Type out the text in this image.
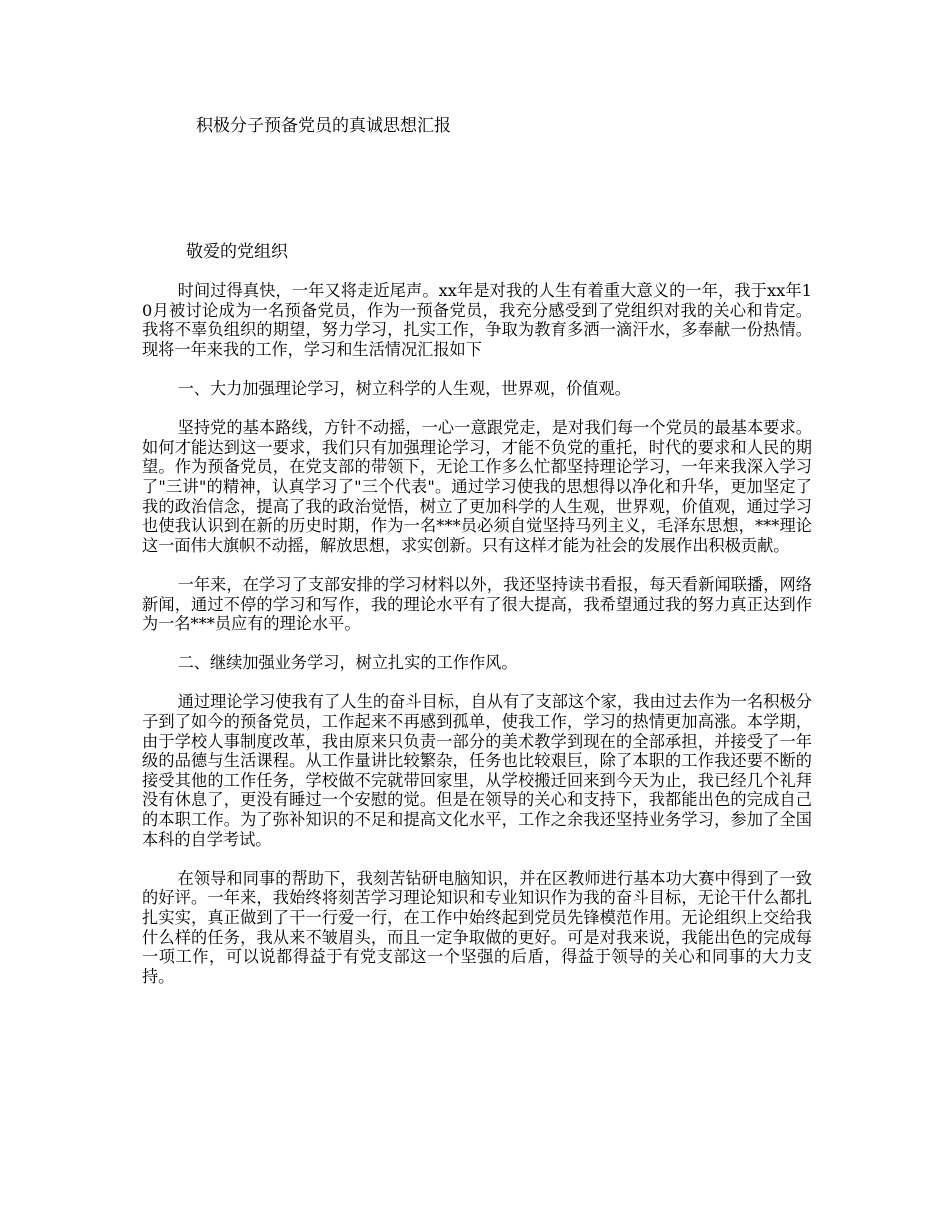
积极分子预备党员的真诚思想汇报
敬爱的党组织

时间过得真快，一年又将走近尾声。xx年是对我的人生有着重大意义的一年，我于xx年10月被讨论成为一名预备党员，作为一预备党员，我充分感受到了党组织对我的关心和肯定。我将不辜负组织的期望，努力学习，扎实工作，争取为教育多洒一滴汗水，多奉献一份热情。现将一年来我的工作，学习和生活情况汇报如下

一、大力加强理论学习，树立科学的人生观，世界观，价值观。

坚持党的基本路线，方针不动摇，一心一意跟党走，是对我们每一个党员的最基本要求。如何才能达到这一要求，我们只有加强理论学习，才能不负党的重托，时代的要求和人民的期望。作为预备党员，在党支部的带领下，无论工作多么忙都坚持理论学习，一年来我深入学习了"三讲"的精神，认真学习了"三个代表"。通过学习使我的思想得以净化和升华，更加坚定了我的政治信念，提高了我的政治觉悟，树立了更加科学的人生观，世界观，价值观，通过学习也使我认识到在新的历史时期，作为一名***员必须自觉坚持马列主义，毛泽东思想，***理论这一面伟大旗帜不动摇，解放思想，求实创新。只有这样才能为社会的发展作出积极贡献。

一年来，在学习了支部安排的学习材料以外，我还坚持读书看报，每天看新闻联播，网络新闻，通过不停的学习和写作，我的理论水平有了很大提高，我希望通过我的努力真正达到作为一名***员应有的理论水平。

二、继续加强业务学习，树立扎实的工作作风。

通过理论学习使我有了人生的奋斗目标，自从有了支部这个家，我由过去作为一名积极分子到了如今的预备党员，工作起来不再感到孤单，使我工作，学习的热情更加高涨。本学期，由于学校人事制度改革，我由原来只负责一部分的美术教学到现在的全部承担，并接受了一年级的品德与生活课程。从工作量讲比较繁杂，任务也比较艰巨，除了本职的工作我还要不断的接受其他的工作任务，学校做不完就带回家里，从学校搬迁回来到今天为止，我已经几个礼拜没有休息了，更没有睡过一个安慰的觉。但是在领导的关心和支持下，我都能出色的完成自己的本职工作。为了弥补知识的不足和提高文化水平，工作之余我还坚持业务学习，参加了全国本科的自学考试。

在领导和同事的帮助下，我刻苦钻研电脑知识，并在区教师进行基本功大赛中得到了一致的好评。一年来，我始终将刻苦学习理论知识和专业知识作为我的奋斗目标，无论干什么都扎扎实实，真正做到了干一行爱一行，在工作中始终起到党员先锋模范作用。无论组织上交给我什么样的任务，我从来不皱眉头，而且一定争取做的更好。可是对我来说，我能出色的完成每一项工作，可以说都得益于有党支部这一个坚强的后盾，得益于领导的关心和同事的大力支持。
